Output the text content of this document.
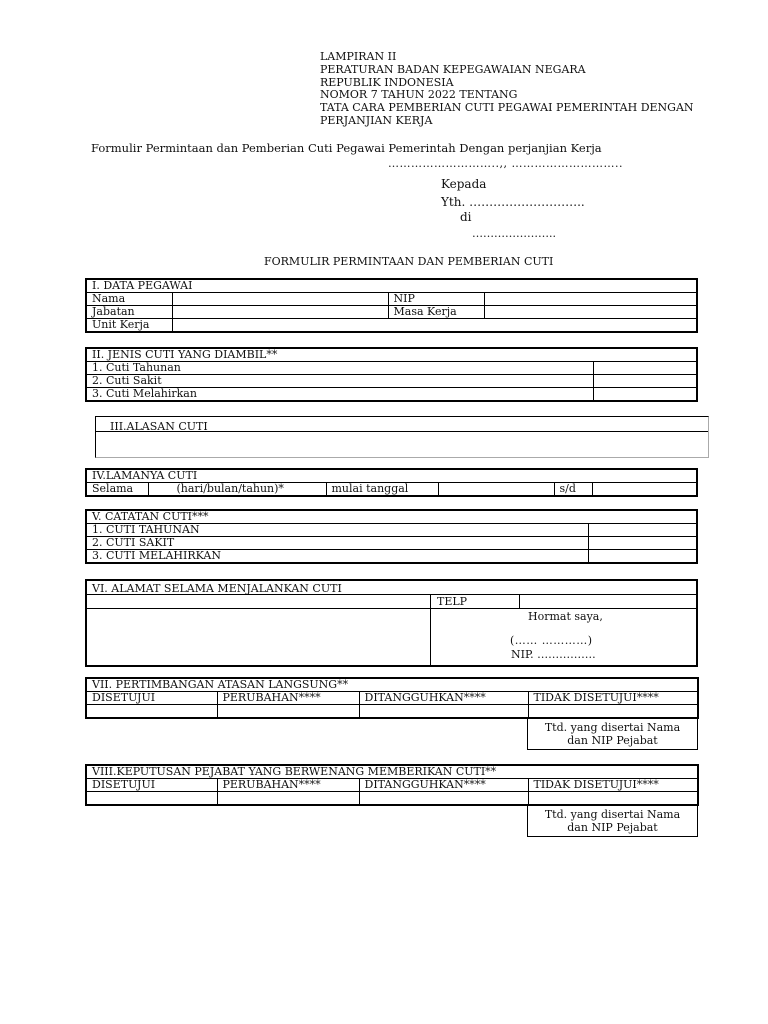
LAMPIRAN II
PERATURAN BADAN KEPEGAWAIAN NEGARA
REPUBLIK INDONESIA
NOMOR 7 TAHUN 2022 TENTANG
TATA CARA PEMBERIAN CUTI PEGAWAI PEMERINTAH DENGAN
PERJANJIAN KERJA
Formulir Permintaan dan Pemberian Cuti Pegawai Pemerintah Dengan perjanjian Kerja
………………………..,, ………………………..
Kepada
Yth. ………………………..
di
…………………..
FORMULIR PERMINTAAN DAN PEMBERIAN CUTI
I. DATA PEGAWAI			
Nama		NIP	
Jabatan		Masa Kerja	
Unit Kerja			
II. JENIS CUTI YANG DIAMBIL**	
1. Cuti Tahunan	
2. Cuti Sakit	
3. Cuti Melahirkan	
III.ALASAN CUTI
IV.LAMANYA CUTI
Selama	(hari/bulan/tahun)*	mulai tanggal		s/d	
V. CATATAN CUTI***	
1. CUTI TAHUNAN	
2. CUTI SAKIT	
3. CUTI MELAHIRKAN	
VI. ALAMAT SELAMA MENJALANKAN CUTI
TELP
Hormat saya,
(…… …………)
NIP. …………….
VII. PERTIMBANGAN ATASAN LANGSUNG**			
DISETUJUI	PERUBAHAN****	DITANGGUHKAN****	TIDAK DISETUJUI****

Ttd. yang disertai Nama
dan NIP Pejabat
VIII.KEPUTUSAN PEJABAT YANG BERWENANG MEMBERIKAN CUTI**			
DISETUJUI	PERUBAHAN****	DITANGGUHKAN****	TIDAK DISETUJUI****

Ttd. yang disertai Nama
dan NIP Pejabat
